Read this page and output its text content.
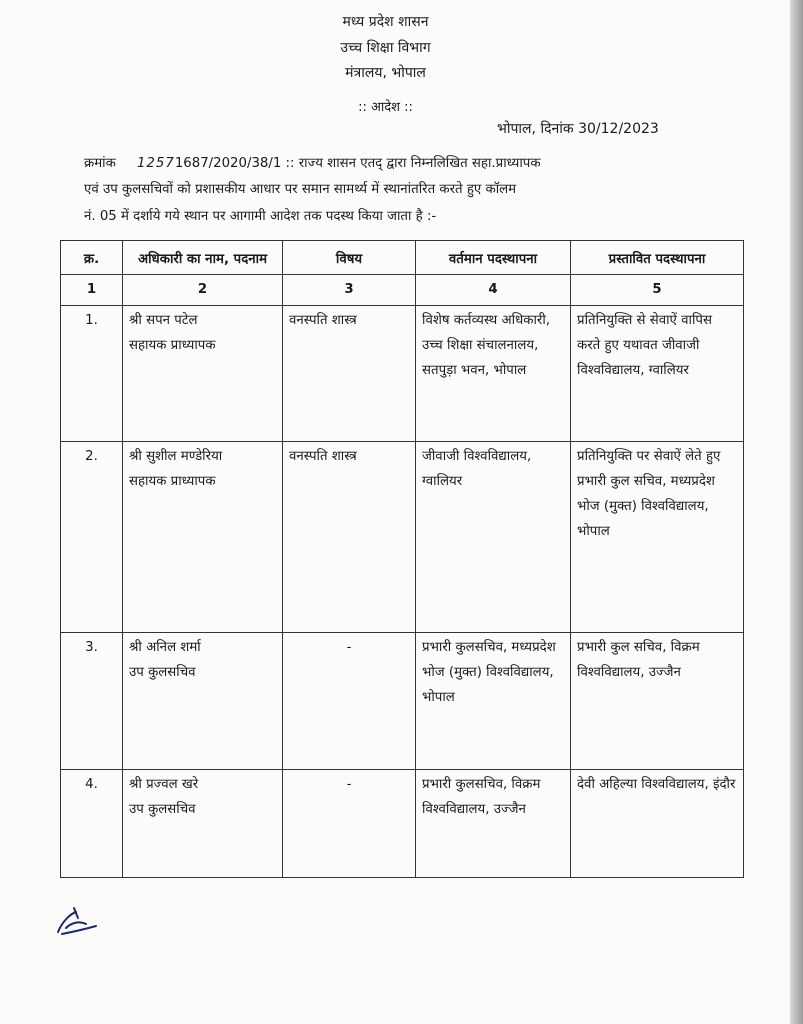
मध्य प्रदेश शासन
उच्च शिक्षा विभाग
मंत्रालय, भोपाल
:: आदेश ::
भोपाल, दिनांक 30/12/2023
क्रमांक 12571687/2020/38/1 :: राज्य शासन एतद् द्वारा निम्नलिखित सहा.प्राध्यापक
एवं उप कुलसचिवों को प्रशासकीय आधार पर समान सामर्थ्य में स्थानांतरित करते हुए कॉलम
नं. 05 में दर्शाये गये स्थान पर आगामी आदेश तक पदस्थ किया जाता है :-
क्र.	अधिकारी का नाम, पदनाम	विषय	वर्तमान पदस्थापना	प्रस्तावित पदस्थापना
1	2	3	4	5
1.	श्री सपन पटेल
सहायक प्राध्यापक	वनस्पति शास्त्र	विशेष कर्तव्यस्थ अधिकारी, उच्च शिक्षा संचालनालय, सतपुड़ा भवन, भोपाल	प्रतिनियुक्ति से सेवाऐं वापिस करते हुए यथावत जीवाजी विश्वविद्यालय, ग्वालियर
2.	श्री सुशील मण्डेरिया
सहायक प्राध्यापक	वनस्पति शास्त्र	जीवाजी विश्वविद्यालय, ग्वालियर	प्रतिनियुक्ति पर सेवाऐं लेते हुए प्रभारी कुल सचिव, मध्यप्रदेश भोज (मुक्त) विश्वविद्यालय, भोपाल
3.	श्री अनिल शर्मा
उप कुलसचिव	-	प्रभारी कुलसचिव, मध्यप्रदेश भोज (मुक्त) विश्वविद्यालय, भोपाल	प्रभारी कुल सचिव, विक्रम विश्वविद्यालय, उज्जैन
4.	श्री प्रज्वल खरे
उप कुलसचिव	-	प्रभारी कुलसचिव, विक्रम विश्वविद्यालय, उज्जैन	देवी अहिल्या विश्वविद्यालय, इंदौर
